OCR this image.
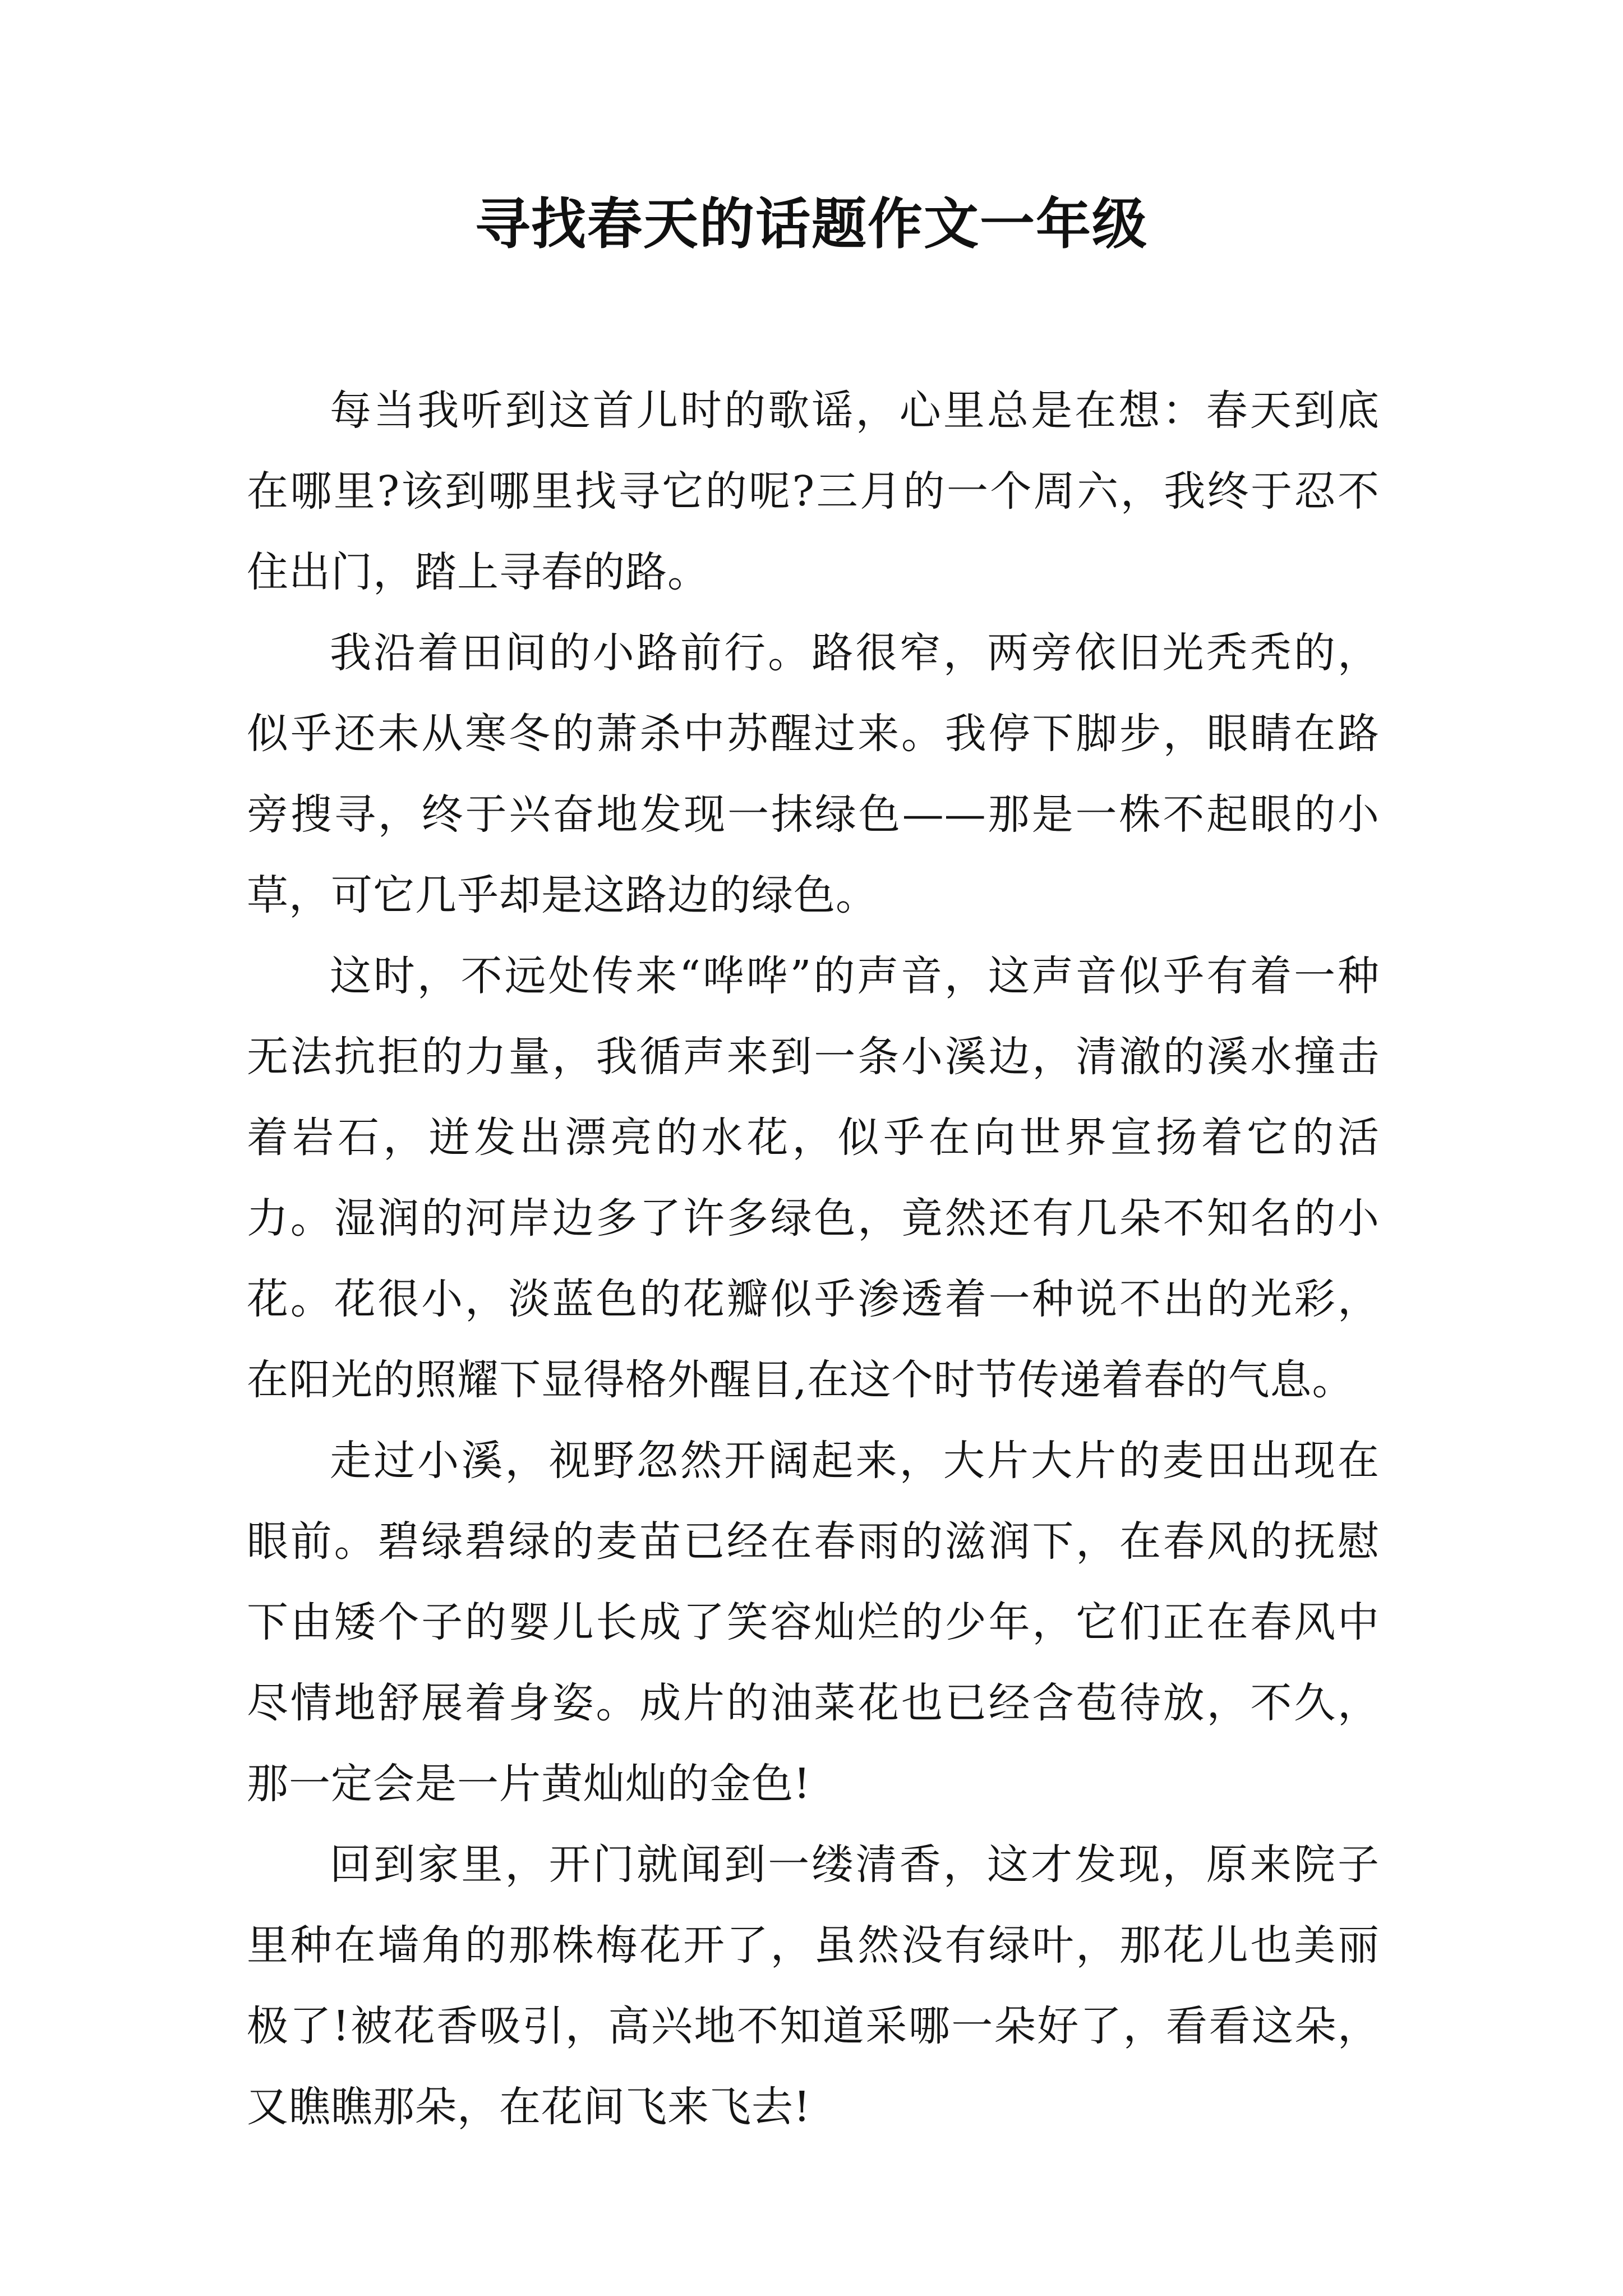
寻找春天的话题作文一年级

每当我听到这首儿时的歌谣，心里总是在想：春天到底在哪里?该到哪里找寻它的呢?三月的一个周六，我终于忍不住出门，踏上寻春的路。

我沿着田间的小路前行。路很窄，两旁依旧光秃秃的，似乎还未从寒冬的萧杀中苏醒过来。我停下脚步，眼睛在路旁搜寻，终于兴奋地发现一抹绿色——那是一株不起眼的小草，可它几乎却是这路边的绿色。

这时，不远处传来“哗哗”的声音，这声音似乎有着一种无法抗拒的力量，我循声来到一条小溪边，清澈的溪水撞击着岩石，迸发出漂亮的水花，似乎在向世界宣扬着它的活力。湿润的河岸边多了许多绿色，竟然还有几朵不知名的小花。花很小，淡蓝色的花瓣似乎渗透着一种说不出的光彩，在阳光的照耀下显得格外醒目,在这个时节传递着春的气息。

走过小溪，视野忽然开阔起来，大片大片的麦田出现在眼前。碧绿碧绿的麦苗已经在春雨的滋润下，在春风的抚慰下由矮个子的婴儿长成了笑容灿烂的少年，它们正在春风中尽情地舒展着身姿。成片的油菜花也已经含苞待放，不久，那一定会是一片黄灿灿的金色!

回到家里，开门就闻到一缕清香，这才发现，原来院子里种在墙角的那株梅花开了，虽然没有绿叶，那花儿也美丽极了!被花香吸引，高兴地不知道采哪一朵好了，看看这朵，又瞧瞧那朵，在花间飞来飞去!
